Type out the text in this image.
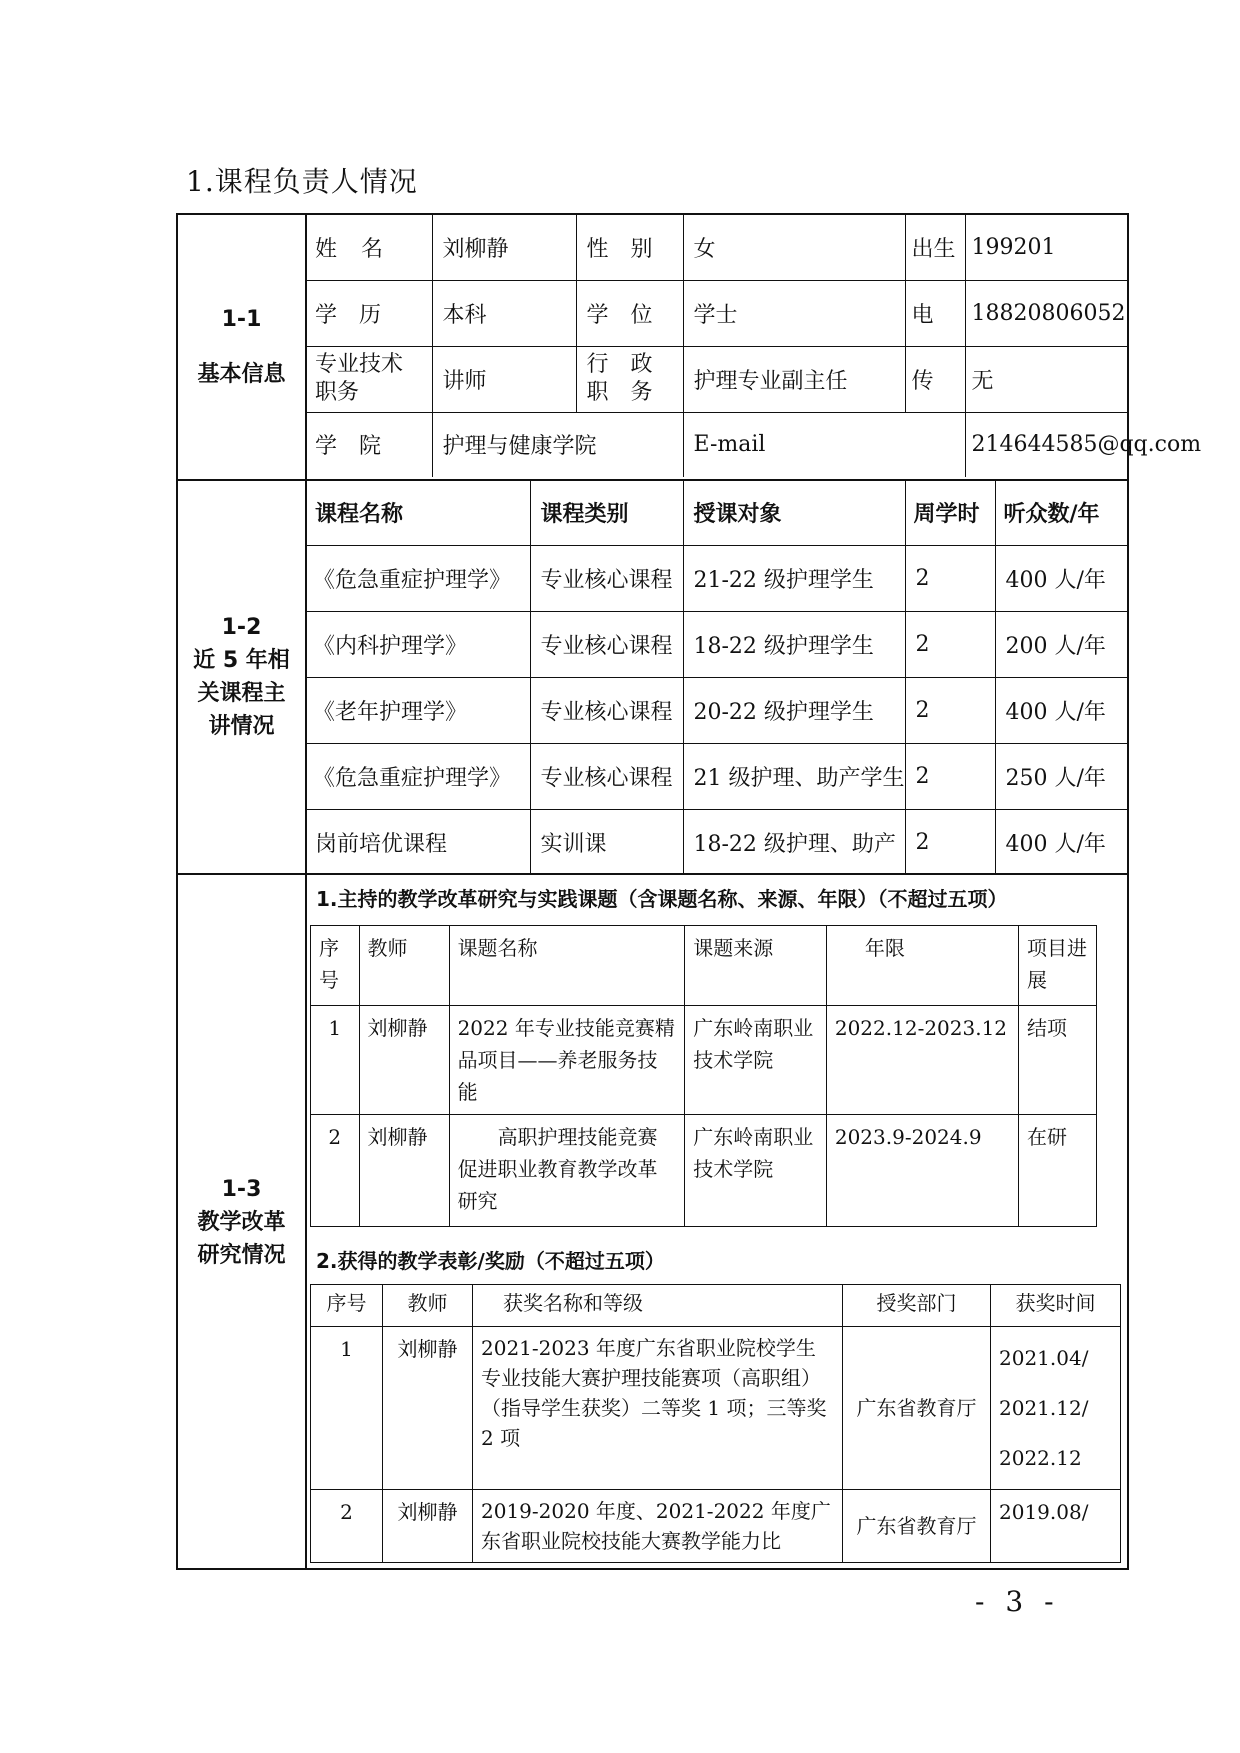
1.课程负责人情况
1-1
基本信息
姓　名	刘柳静	性　别	女	出生	199201
学　历	本科	学　位	学士	电	18820806052
专业技术职务	讲师	行　政职　务	护理专业副主任	传	无
学　院	护理与健康学院		E-mail		214644585@qq.com
1-2
近 5 年相
关课程主
讲情况
课程名称	课程类别	授课对象	周学时	听众数/年
《危急重症护理学》	专业核心课程	21-22 级护理学生	2	400 人/年
《内科护理学》	专业核心课程	18-22 级护理学生	2	200 人/年
《老年护理学》	专业核心课程	20-22 级护理学生	2	400 人/年
《危急重症护理学》	专业核心课程	21 级护理、助产学生	2	250 人/年
岗前培优课程	实训课	18-22 级护理、助产	2	400 人/年
1-3
教学改革
研究情况
1.主持的教学改革研究与实践课题（含课题名称、来源、年限）（不超过五项）
序号	教师	课题名称	课题来源	年限	项目进展
1	刘柳静	2022 年专业技能竞赛精品项目——养老服务技能	广东岭南职业技术学院	2022.12-2023.12	结项
2	刘柳静	高职护理技能竞赛促进职业教育教学改革研究	广东岭南职业技术学院	2023.9-2024.9	在研
2.获得的教学表彰/奖励（不超过五项）
序号	教师	获奖名称和等级	授奖部门	获奖时间
1	刘柳静	2021-2023 年度广东省职业院校学生专业技能大赛护理技能赛项（高职组）（指导学生获奖）二等奖 1 项；三等奖 2 项	广东省教育厅	2021.04/ 2021.12/ 2022.12
2	刘柳静	2019-2020 年度、2021-2022 年度广东省职业院校技能大赛教学能力比	广东省教育厅	2019.08/
- 3 -
